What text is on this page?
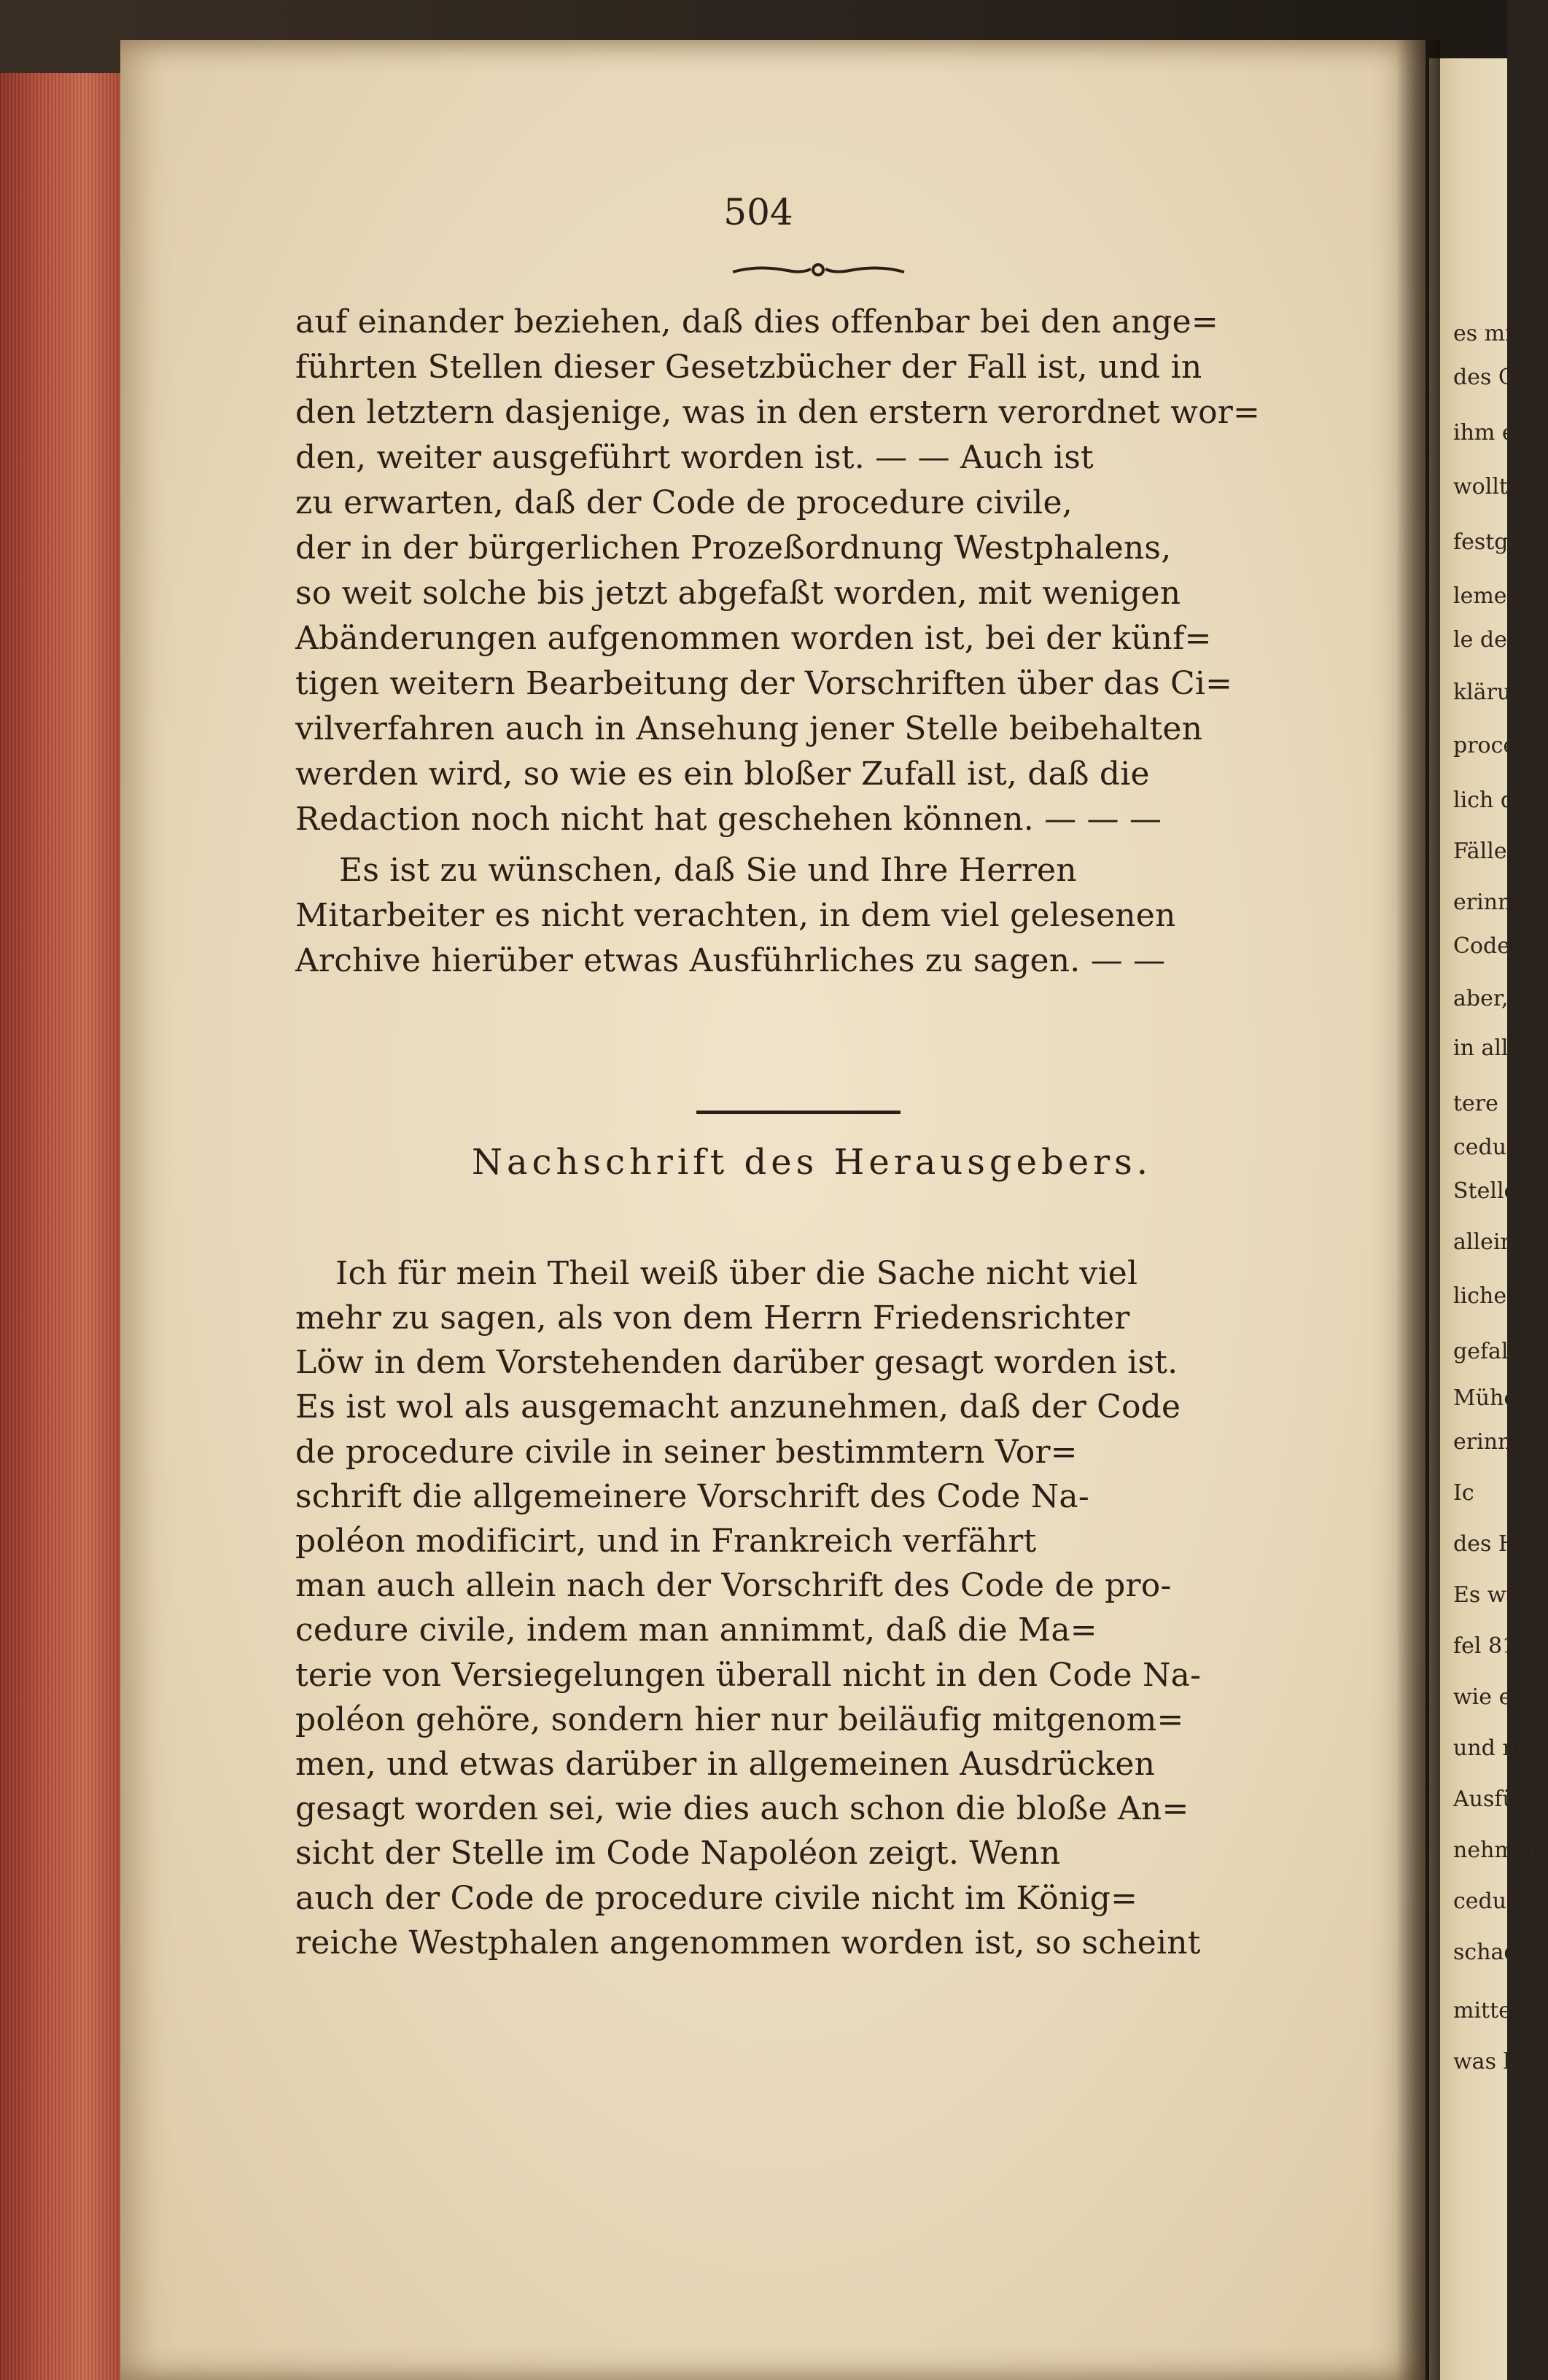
504
auf einander beziehen, daß dies offenbar bei den ange=
führten Stellen dieser Gesetzbücher der Fall ist, und in
den letztern dasjenige, was in den erstern verordnet wor=
den, weiter ausgeführt worden ist. — — Auch ist
zu erwarten, daß der Code de procedure civile,
der in der bürgerlichen Prozeßordnung Westphalens,
so weit solche bis jetzt abgefaßt worden, mit wenigen
Abänderungen aufgenommen worden ist, bei der künf=
tigen weitern Bearbeitung der Vorschriften über das Ci=
vilverfahren auch in Ansehung jener Stelle beibehalten
werden wird, so wie es ein bloßer Zufall ist, daß die
Redaction noch nicht hat geschehen können. — — —
Es ist zu wünschen, daß Sie und Ihre Herren
Mitarbeiter es nicht verachten, in dem viel gelesenen
Archive hierüber etwas Ausführliches zu sagen. — —
Nachschrift des Herausgebers.
Ich für mein Theil weiß über die Sache nicht viel
mehr zu sagen, als von dem Herrn Friedensrichter
Löw in dem Vorstehenden darüber gesagt worden ist.
Es ist wol als ausgemacht anzunehmen, daß der Code
de procedure civile in seiner bestimmtern Vor=
schrift die allgemeinere Vorschrift des Code Na-
poléon modificirt, und in Frankreich verfährt
man auch allein nach der Vorschrift des Code de pro-
cedure civile, indem man annimmt, daß die Ma=
terie von Versiegelungen überall nicht in den Code Na-
poléon gehöre, sondern hier nur beiläufig mitgenom=
men, und etwas darüber in allgemeinen Ausdrücken
gesagt worden sei, wie dies auch schon die bloße An=
sicht der Stelle im Code Napoléon zeigt. Wenn
auch der Code de procedure civile nicht im König=
reiche Westphalen angenommen worden ist, so scheint
es mir
des Co
ihm er
wollte
festgebe
lemen
le des
klärung
proced
lich die
Fälle
erinner
Code
aber,
in all
tere
cedur
Stelle
allein
liche G
gefallen
Mühe
erinner
Ic
des He
Es wü
fel 81
wie er
und ni
Ausfüh
nehmen
cedure
schadet
mittel
was kö
